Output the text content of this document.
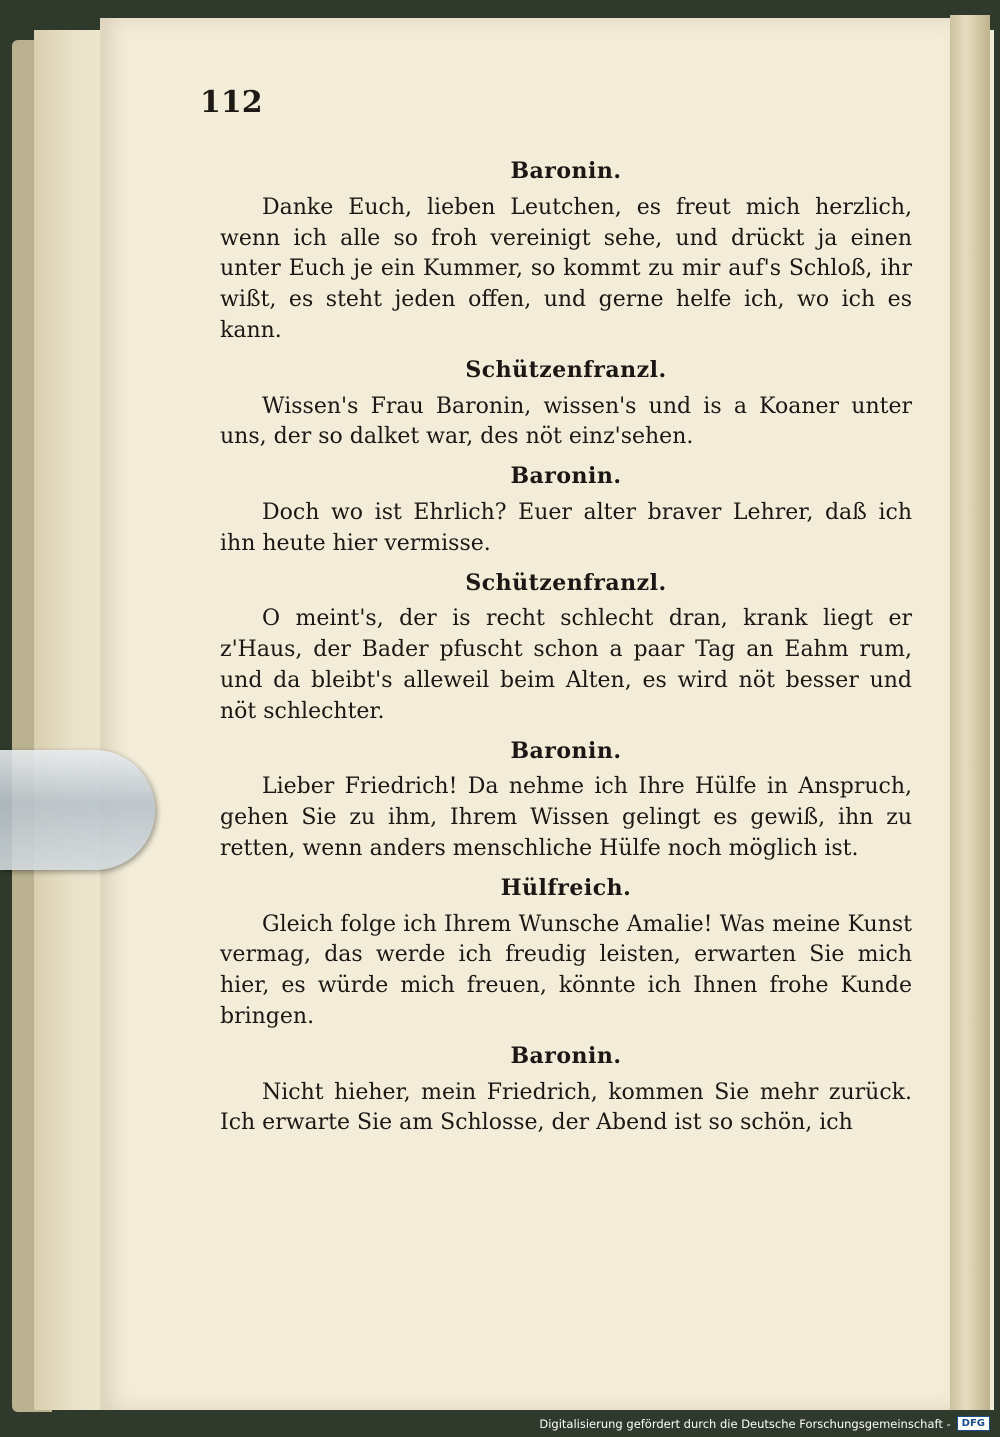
112
Baronin.

Danke Euch, lieben Leutchen, es freut mich herzlich, wenn ich alle so froh vereinigt sehe, und drückt ja einen unter Euch je ein Kummer, so kommt zu mir auf's Schloß, ihr wißt, es steht jeden offen, und gerne helfe ich, wo ich es kann.

Schützenfranzl.

Wissen's Frau Baronin, wissen's und is a Koaner unter uns, der so dalket war, des nöt einz'sehen.

Baronin.

Doch wo ist Ehrlich? Euer alter braver Lehrer, daß ich ihn heute hier vermisse.

Schützenfranzl.

O meint's, der is recht schlecht dran, krank liegt er z'Haus, der Bader pfuscht schon a paar Tag an Eahm rum, und da bleibt's alleweil beim Alten, es wird nöt besser und nöt schlechter.

Baronin.

Lieber Friedrich! Da nehme ich Ihre Hülfe in Anspruch, gehen Sie zu ihm, Ihrem Wissen gelingt es gewiß, ihn zu retten, wenn anders menschliche Hülfe noch möglich ist.

Hülfreich.

Gleich folge ich Ihrem Wunsche Amalie! Was meine Kunst vermag, das werde ich freudig leisten, erwarten Sie mich hier, es würde mich freuen, könnte ich Ihnen frohe Kunde bringen.

Baronin.

Nicht hieher, mein Friedrich, kommen Sie mehr zurück. Ich erwarte Sie am Schlosse, der Abend ist so schön, ich

Digitalisierung gefördert durch die Deutsche Forschungsgemeinschaft -	DFG
